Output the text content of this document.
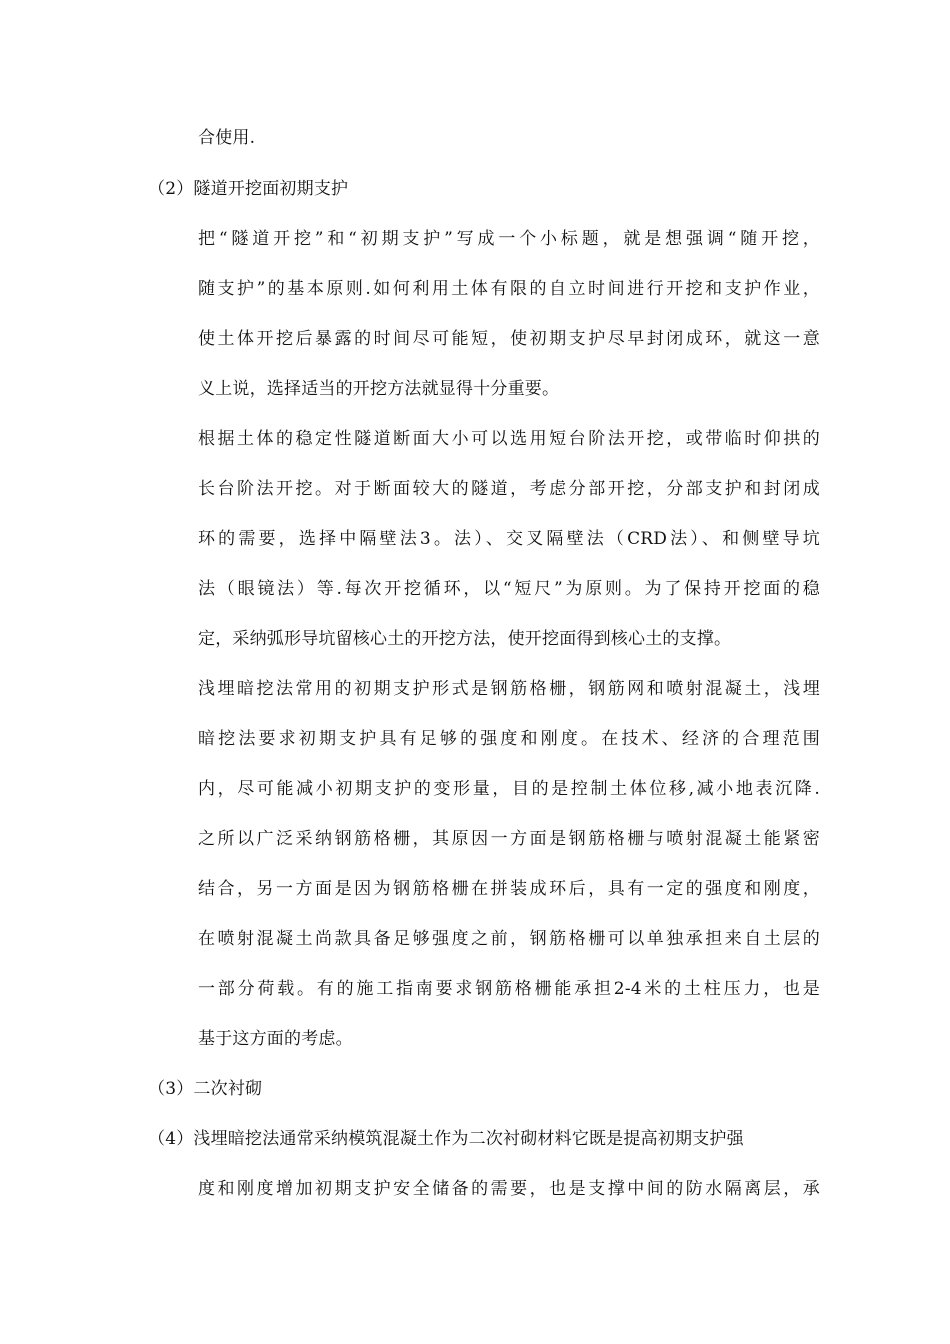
合使用.
（2）隧道开挖面初期支护
把“隧道开挖”和“初期支护”写成一个小标题，就是想强调“随开挖，
随支护”的基本原则.如何利用土体有限的自立时间进行开挖和支护作业，
使土体开挖后暴露的时间尽可能短，使初期支护尽早封闭成环，就这一意
义上说，选择适当的开挖方法就显得十分重要。
根据土体的稳定性隧道断面大小可以选用短台阶法开挖，或带临时仰拱的
长台阶法开挖。对于断面较大的隧道，考虑分部开挖，分部支护和封闭成
环的需要，选择中隔壁法3。法）、交叉隔壁法（CRD法）、和侧壁导坑
法（眼镜法）等.每次开挖循环，以“短尺”为原则。为了保持开挖面的稳
定，采纳弧形导坑留核心土的开挖方法，使开挖面得到核心土的支撑。
浅埋暗挖法常用的初期支护形式是钢筋格栅，钢筋网和喷射混凝土，浅埋
暗挖法要求初期支护具有足够的强度和刚度。在技术、经济的合理范围
内，尽可能减小初期支护的变形量，目的是控制土体位移,减小地表沉降.
之所以广泛采纳钢筋格栅，其原因一方面是钢筋格栅与喷射混凝土能紧密
结合，另一方面是因为钢筋格栅在拼装成环后，具有一定的强度和刚度，
在喷射混凝土尚款具备足够强度之前，钢筋格栅可以单独承担来自土层的
一部分荷载。有的施工指南要求钢筋格栅能承担2-4米的土柱压力，也是
基于这方面的考虑。
（3）二次衬砌
（4）浅埋暗挖法通常采纳模筑混凝土作为二次衬砌材料它既是提高初期支护强
度和刚度增加初期支护安全储备的需要，也是支撑中间的防水隔离层，承
